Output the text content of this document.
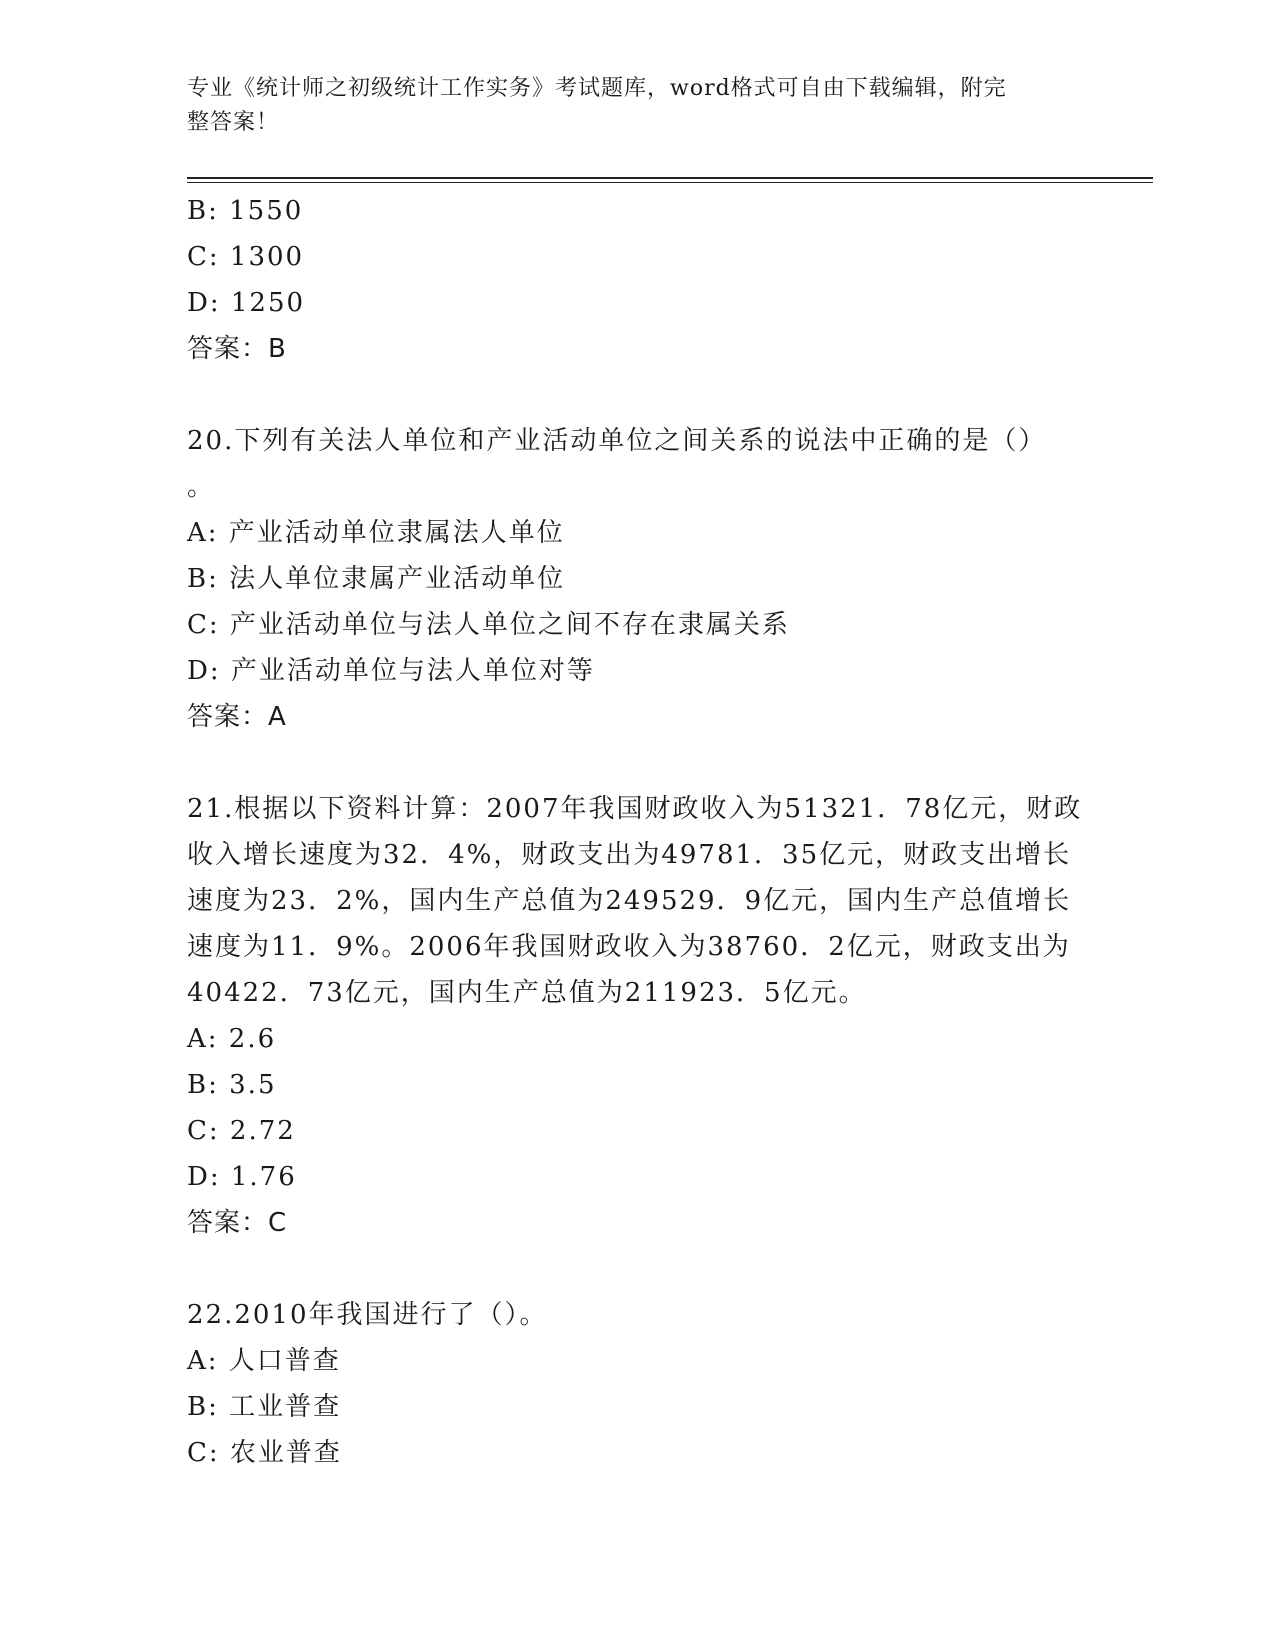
专业《统计师之初级统计工作实务》考试题库，word格式可自由下载编辑，附完
整答案！
B: 1550
C: 1300
D: 1250
答案：B
20.下列有关法人单位和产业活动单位之间关系的说法中正确的是（）
。
A: 产业活动单位隶属法人单位
B: 法人单位隶属产业活动单位
C: 产业活动单位与法人单位之间不存在隶属关系
D: 产业活动单位与法人单位对等
答案：A
21.根据以下资料计算：2007年我国财政收入为51321．78亿元，财政
收入增长速度为32．4%，财政支出为49781．35亿元，财政支出增长
速度为23．2%，国内生产总值为249529．9亿元，国内生产总值增长
速度为11．9%。2006年我国财政收入为38760．2亿元，财政支出为
40422．73亿元，国内生产总值为211923．5亿元。
A: 2.6
B: 3.5
C: 2.72
D: 1.76
答案：C
22.2010年我国进行了（）。
A: 人口普查
B: 工业普查
C: 农业普查
